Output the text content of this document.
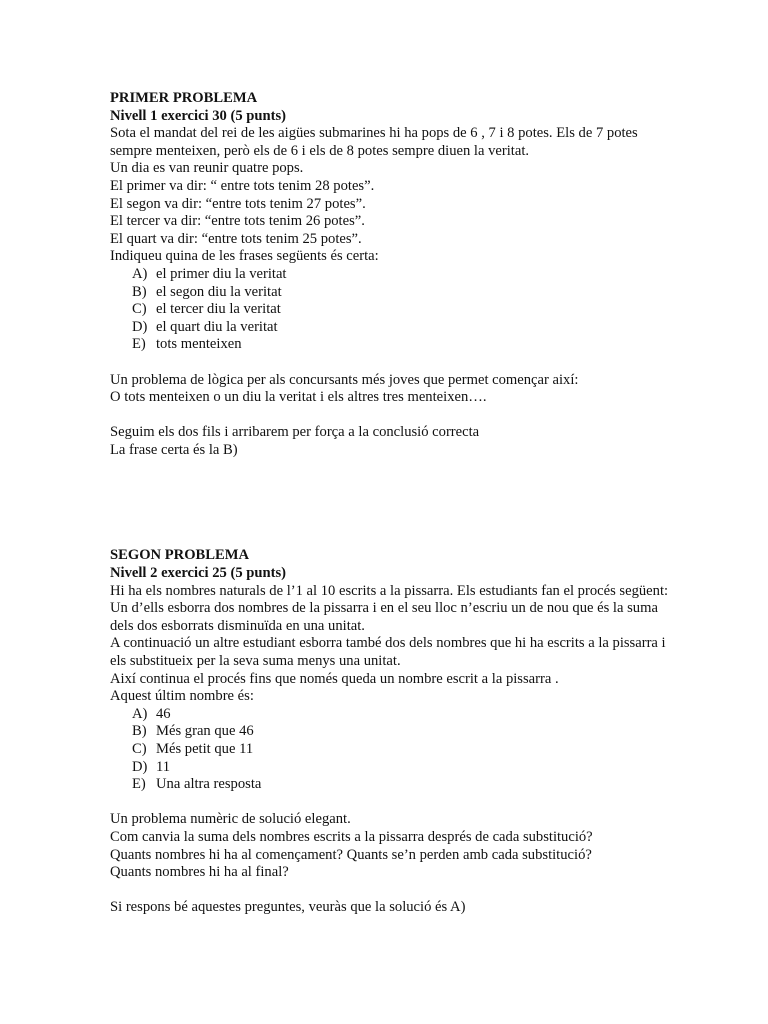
PRIMER PROBLEMA

Nivell 1 exercici 30 (5 punts)

Sota el mandat del rei de les aigües submarines hi ha pops de 6 , 7 i 8 potes. Els de 7 potes sempre menteixen, però els de 6 i els de 8 potes sempre diuen la veritat.

Un dia es van reunir quatre pops.

El primer va dir: “ entre tots tenim 28 potes”.

El segon va dir: “entre tots tenim 27 potes”.

El tercer va dir: “entre tots tenim 26 potes”.

El quart va dir: “entre tots tenim 25 potes”.

Indiqueu quina de les frases següents és certa:

A) el primer diu la veritat
B) el segon diu la veritat
C) el tercer diu la veritat
D) el quart diu la veritat
E) tots menteixen

Un problema de lògica per als concursants més joves que permet començar així:

O tots menteixen o un diu la veritat i els altres tres menteixen….

Seguim els dos fils i arribarem per força a la conclusió correcta

La frase certa és la B)

SEGON PROBLEMA

Nivell 2 exercici 25 (5 punts)

Hi ha els nombres naturals de l’1 al 10 escrits a la pissarra. Els estudiants fan el procés següent:

Un d’ells esborra dos nombres de la pissarra i en el seu lloc n’escriu un de nou que és la suma dels dos esborrats disminuïda en una unitat.

A continuació un altre estudiant esborra també dos dels nombres que hi ha escrits a la pissarra i els substitueix per la seva suma menys una unitat.

Així continua el procés fins que només queda un nombre escrit a la pissarra .

Aquest últim nombre és:

A) 46
B) Més gran que 46
C) Més petit que 11
D) 11
E) Una altra resposta

Un problema numèric de solució elegant.

Com canvia la suma dels nombres escrits a la pissarra després de cada substitució?

Quants nombres hi ha al començament? Quants se’n perden amb cada substitució?

Quants nombres hi ha al final?

Si respons bé aquestes preguntes, veuràs que la solució és A)
